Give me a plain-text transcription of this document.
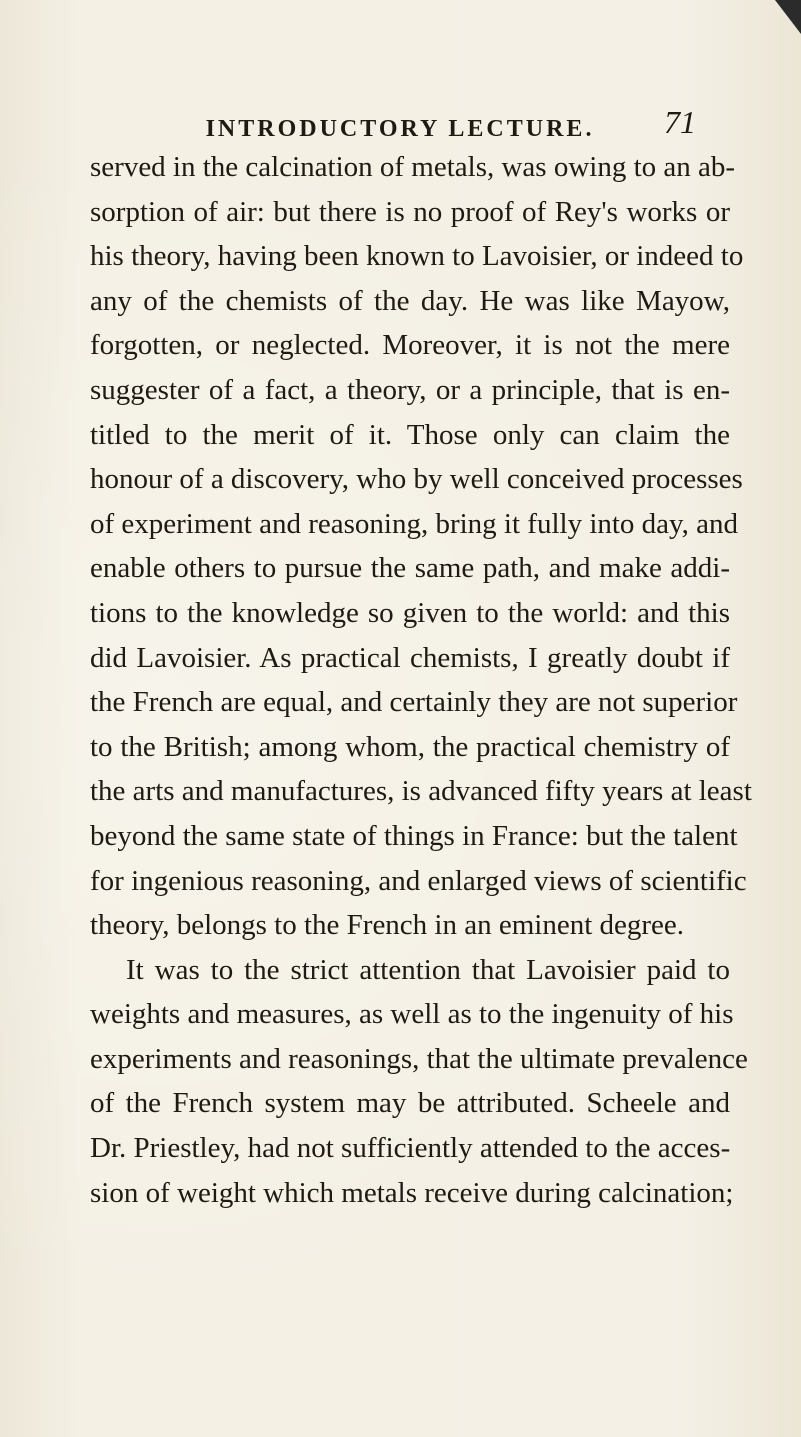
INTRODUCTORY LECTURE. 71
served in the calcination of metals, was owing to an ab-
sorption of air: but there is no proof of Rey's works or
his theory, having been known to Lavoisier, or indeed to
any of the chemists of the day. He was like Mayow,
forgotten, or neglected. Moreover, it is not the mere
suggester of a fact, a theory, or a principle, that is en-
titled to the merit of it. Those only can claim the
honour of a discovery, who by well conceived processes
of experiment and reasoning, bring it fully into day, and
enable others to pursue the same path, and make addi-
tions to the knowledge so given to the world: and this
did Lavoisier. As practical chemists, I greatly doubt if
the French are equal, and certainly they are not superior
to the British; among whom, the practical chemistry of
the arts and manufactures, is advanced fifty years at least
beyond the same state of things in France: but the talent
for ingenious reasoning, and enlarged views of scientific
theory, belongs to the French in an eminent degree.
It was to the strict attention that Lavoisier paid to
weights and measures, as well as to the ingenuity of his
experiments and reasonings, that the ultimate prevalence
of the French system may be attributed. Scheele and
Dr. Priestley, had not sufficiently attended to the acces-
sion of weight which metals receive during calcination;
